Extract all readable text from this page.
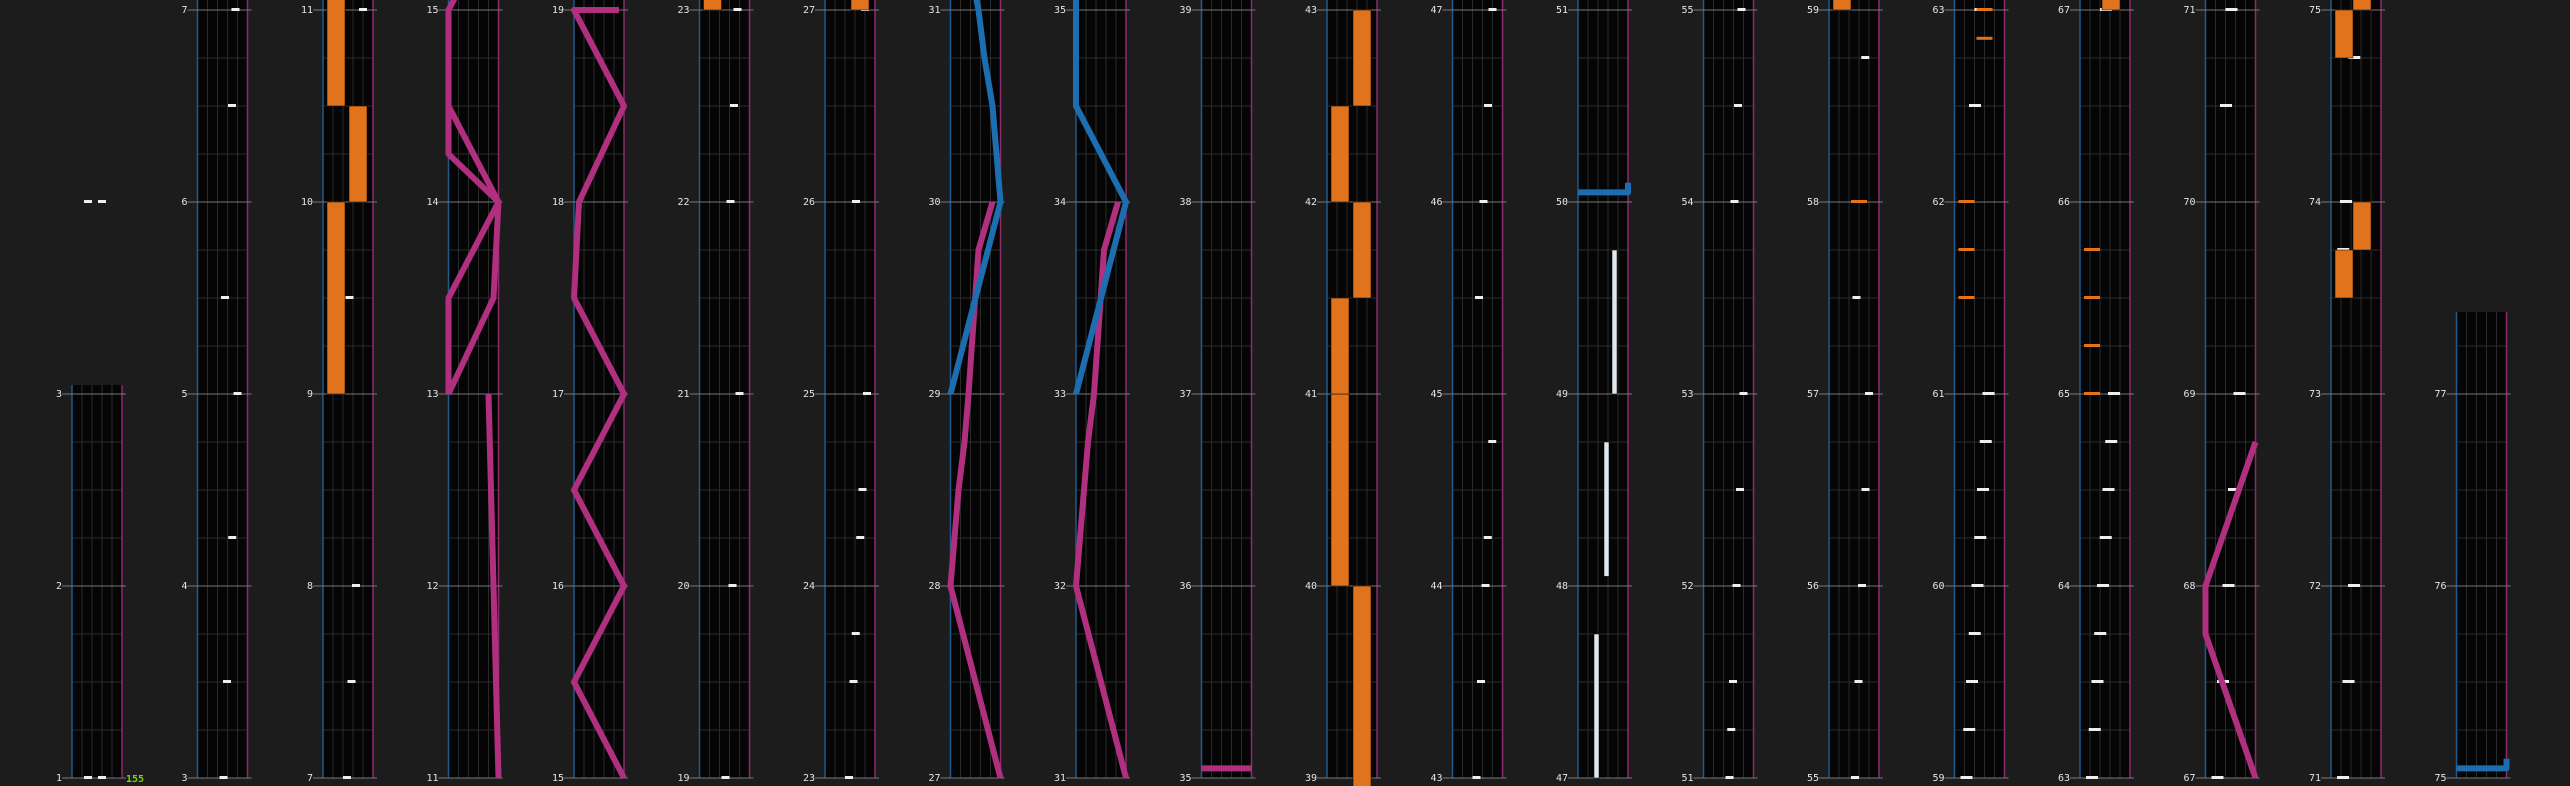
1
2
3
3
4
5
6
7
7
8
9
10
11
11
12
13
14
15
15
16
17
18
19
19
20
21
22
23
23
24
25
26
27
27
28
29
30
31
31
32
33
34
35
35
36
37
38
39
39
40
41
42
43
43
44
45
46
47
47
48
49
50
51
51
52
53
54
55
55
56
57
58
59
59
60
61
62
63
63
64
65
66
67
67
68
69
70
71
71
72
73
74
75
75
76
77
155
